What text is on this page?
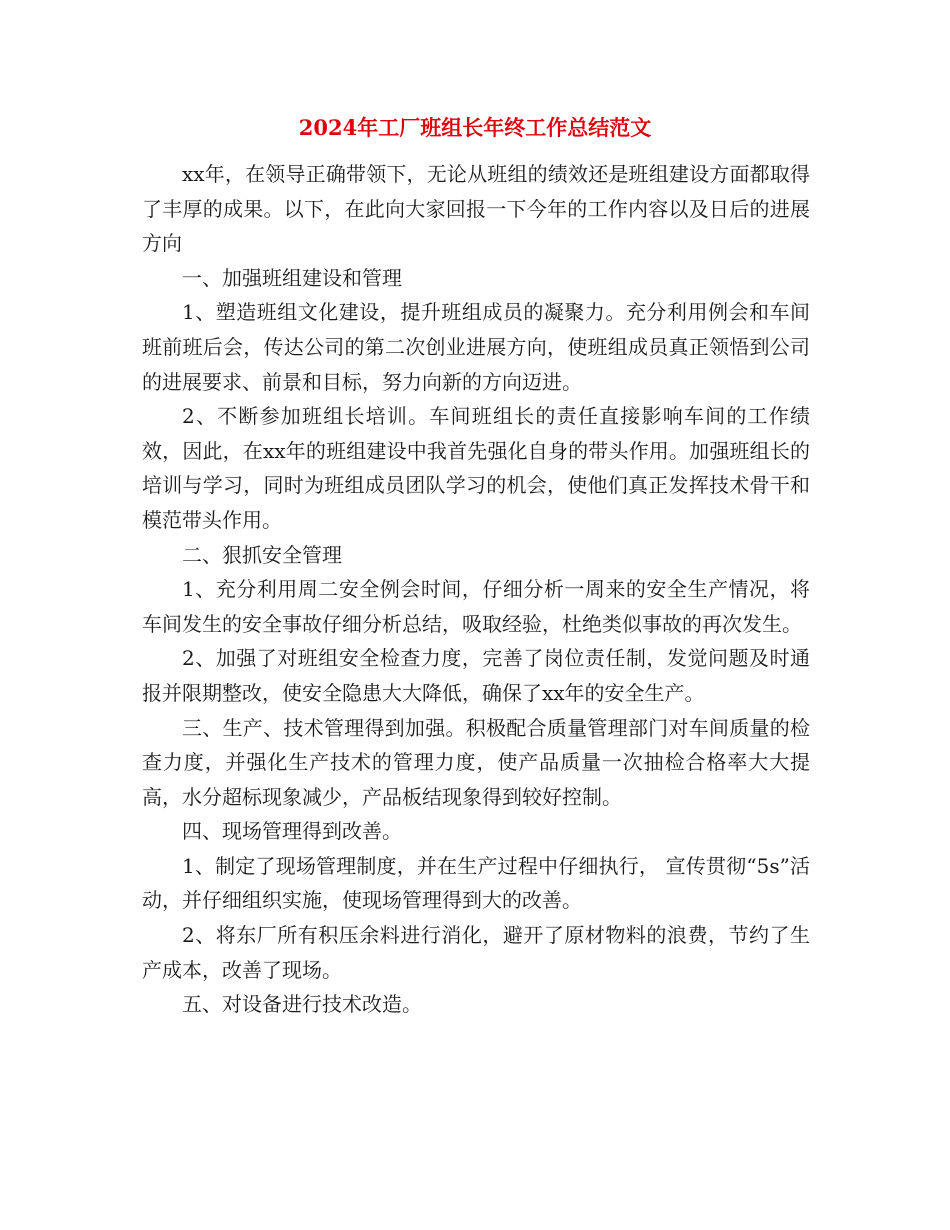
2024年工厂班组长年终工作总结范文

xx年，在领导正确带领下，无论从班组的绩效还是班组建设方面都取得了丰厚的成果。以下，在此向大家回报一下今年的工作内容以及日后的进展方向

一、加强班组建设和管理

1、塑造班组文化建设，提升班组成员的凝聚力。充分利用例会和车间班前班后会，传达公司的第二次创业进展方向，使班组成员真正领悟到公司的进展要求、前景和目标，努力向新的方向迈进。

2、不断参加班组长培训。车间班组长的责任直接影响车间的工作绩效，因此，在xx年的班组建设中我首先强化自身的带头作用。加强班组长的培训与学习，同时为班组成员团队学习的机会，使他们真正发挥技术骨干和模范带头作用。

二、狠抓安全管理

1、充分利用周二安全例会时间，仔细分析一周来的安全生产情况，将车间发生的安全事故仔细分析总结，吸取经验，杜绝类似事故的再次发生。

2、加强了对班组安全检查力度，完善了岗位责任制，发觉问题及时通报并限期整改，使安全隐患大大降低，确保了xx年的安全生产。

三、生产、技术管理得到加强。积极配合质量管理部门对车间质量的检查力度，并强化生产技术的管理力度，使产品质量一次抽检合格率大大提高，水分超标现象减少，产品板结现象得到较好控制。

四、现场管理得到改善。

1、制定了现场管理制度，并在生产过程中仔细执行， 宣传贯彻“5s”活动，并仔细组织实施，使现场管理得到大的改善。

2、将东厂所有积压余料进行消化，避开了原材物料的浪费，节约了生产成本，改善了现场。

五、对设备进行技术改造。
